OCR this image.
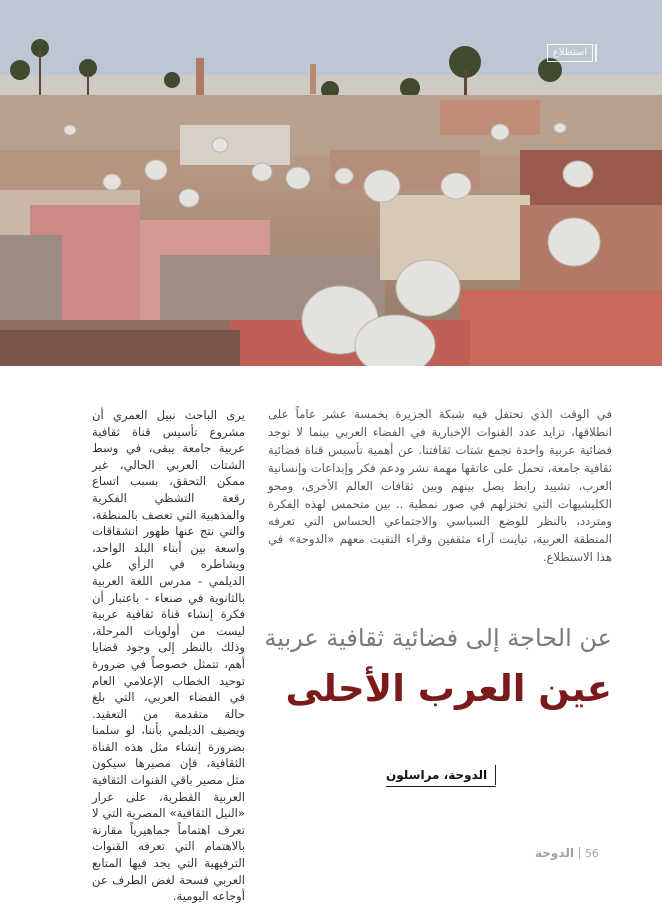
استطلاع
في الوقت الذي تحتفل فيه شبكة الجزيرة بخمسة عشر عاماً على انطلاقها، تزايد عدد القنوات الإخبارية في الفضاء العربي بينما لا توجد فضائية عربية واحدة تجمع شتات ثقافتنا. عن أهمية تأسيس قناة فضائية ثقافية جامعة، تحمل على عاتقها مهمة نشر ودعم فكر وإبداعات وإنسانية العرب، تشييد رابط يصل بينهم وبين ثقافات العالم الأخرى، ومحو الكليشيهات التي تختزلهم في صور نمطية .. بين متحمس لهذه الفكرة ومتردد، بالنظر للوضع السياسي والاجتماعي الحساس التي تعرفه المنطقة العربية، تباينت آراء مثقفين وقراء التقيت معهم «الدوحة» في هذا الاستطلاع.
يرى الباحث نبيل العمري أن مشروع تأسيس قناة ثقافية عربية جامعة يبقى، في وسط الشتات العربي الحالي، غير ممكن التحقق، بسبب اتساع رقعة التشظي الفكرية والمذهبية التي تعصف بالمنطقة، والتي نتج عنها ظهور انشقاقات واسعة بين أبناء البلد الواحد، ويشاطره في الرأي علي الديلمي - مدرس اللغة العربية بالثانوية في صنعاء - باعتبار أن فكرة إنشاء قناة ثقافية عربية ليست من أولويات المرحلة، وذلك بالنظر إلى وجود قضايا أهم، تتمثل خصوصاً في ضرورة توحيد الخطاب الإعلامي العام في الفضاء العربي، التي بلغ حالة متقدمة من التعقيد. ويضيف الديلمي بأننا، لو سلمنا بضرورة إنشاء مثل هذه القناة الثقافية، فإن مصيرها سيكون مثل مصير باقي القنوات الثقافية العربية القطرية، على غرار «النيل الثقافية» المصرية التي لا تعرف اهتماماً جماهيرياً مقارنة بالاهتمام التي تعرفه القنوات الترفيهية التي يجد فيها المتابع العربي فسحة لغض الطرف عن أوجاعه اليومية.
عن الحاجة إلى فضائية ثقافية عربية
عين العرب الأحلى
الدوحة، مراسلون
الدوحة 56
